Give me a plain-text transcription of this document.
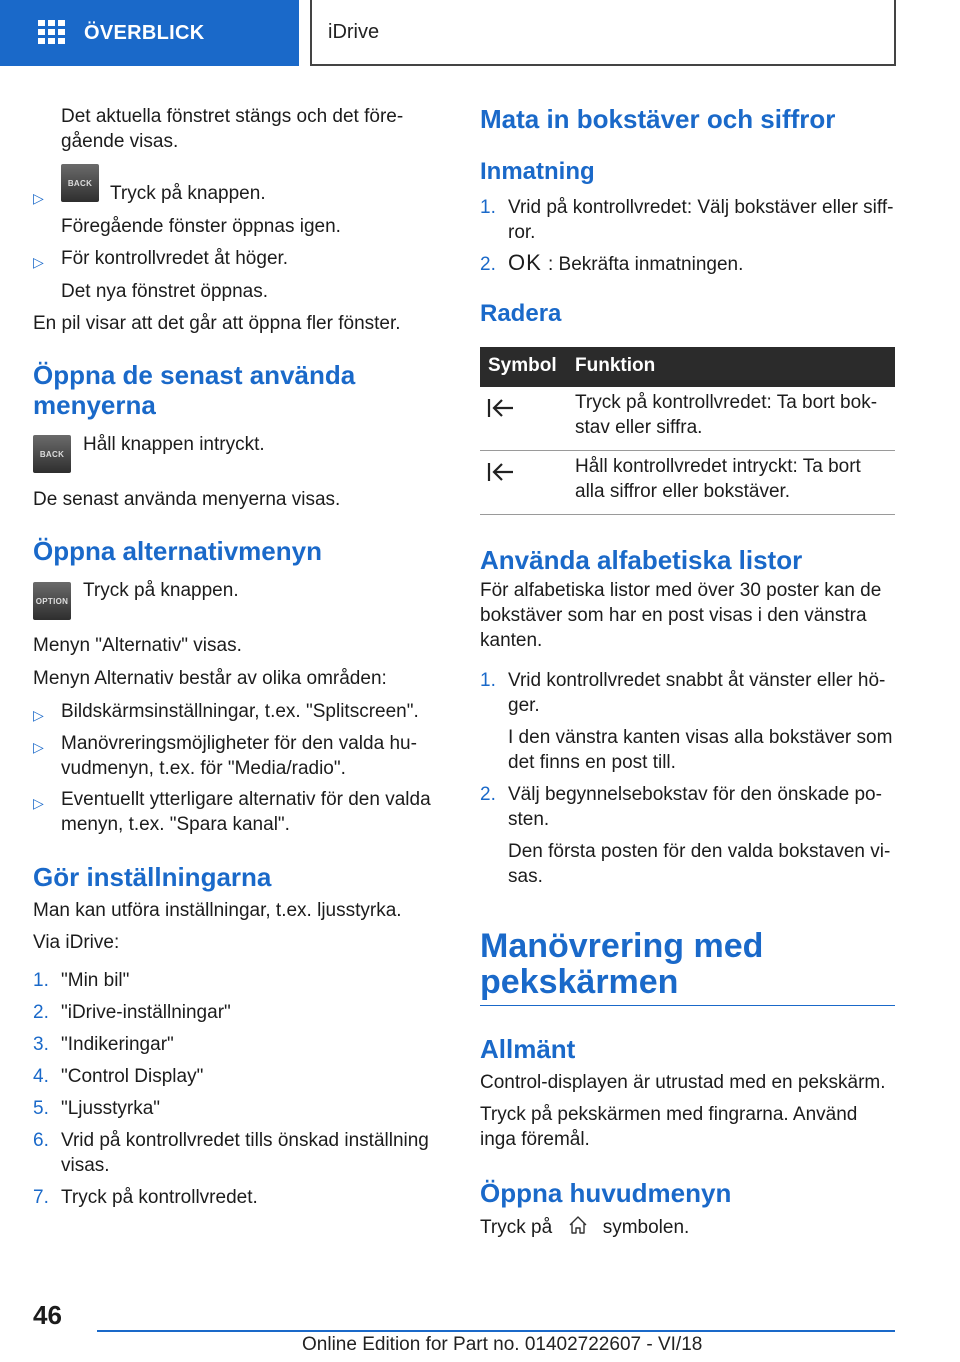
ÖVERBLICK	iDrive
Det aktuella fönstret stängs och det före-
gående visas.
▷
BACK Tryck på knappen.
Föregående fönster öppnas igen.
▷ För kontrollvredet åt höger.
Det nya fönstret öppnas.
En pil visar att det går att öppna fler fönster.
Öppna de senast använda
menyerna
BACK Håll knappen intryckt.
De senast använda menyerna visas.
Öppna alternativmenyn
OPTION Tryck på knappen.
Menyn "Alternativ" visas.
Menyn Alternativ består av olika områden:
▷ Bildskärmsinställningar, t.ex. "Splitscreen".
▷ Manövreringsmöjligheter för den valda hu-
vudmenyn, t.ex. för "Media/radio".
▷ Eventuellt ytterligare alternativ för den valda
menyn, t.ex. "Spara kanal".
Gör inställningarna
Man kan utföra inställningar, t.ex. ljusstyrka.
Via iDrive:
1. "Min bil"
2. "iDrive-inställningar"
3. "Indikeringar"
4. "Control Display"
5. "Ljusstyrka"
6. Vrid på kontrollvredet tills önskad inställning
visas.
7. Tryck på kontrollvredet.
Mata in bokstäver och siffror
Inmatning
1. Vrid på kontrollvredet: Välj bokstäver eller siff-
ror.
2. OK : Bekräfta inmatningen.
Radera
Använda alfabetiska listor
För alfabetiska listor med över 30 poster kan de
bokstäver som har en post visas i den vänstra
kanten.
1. Vrid kontrollvredet snabbt åt vänster eller hö-
ger.
I den vänstra kanten visas alla bokstäver som
det finns en post till.
2. Välj begynnelsebokstav för den önskade po-
sten.
Den första posten för den valda bokstaven vi-
sas.
Manövrering med
pekskärmen
Allmänt
Control-displayen är utrustad med en pekskärm.
Tryck på pekskärmen med fingrarna. Använd
inga föremål.
Öppna huvudmenyn
Tryck på	symbolen.
Symbol Funktion
Tryck på kontrollvredet: Ta bort bok-
stav eller siffra.
Håll kontrollvredet intryckt: Ta bort
alla siffror eller bokstäver.
46
Online Edition for Part no. 01402722607 - VI/18
